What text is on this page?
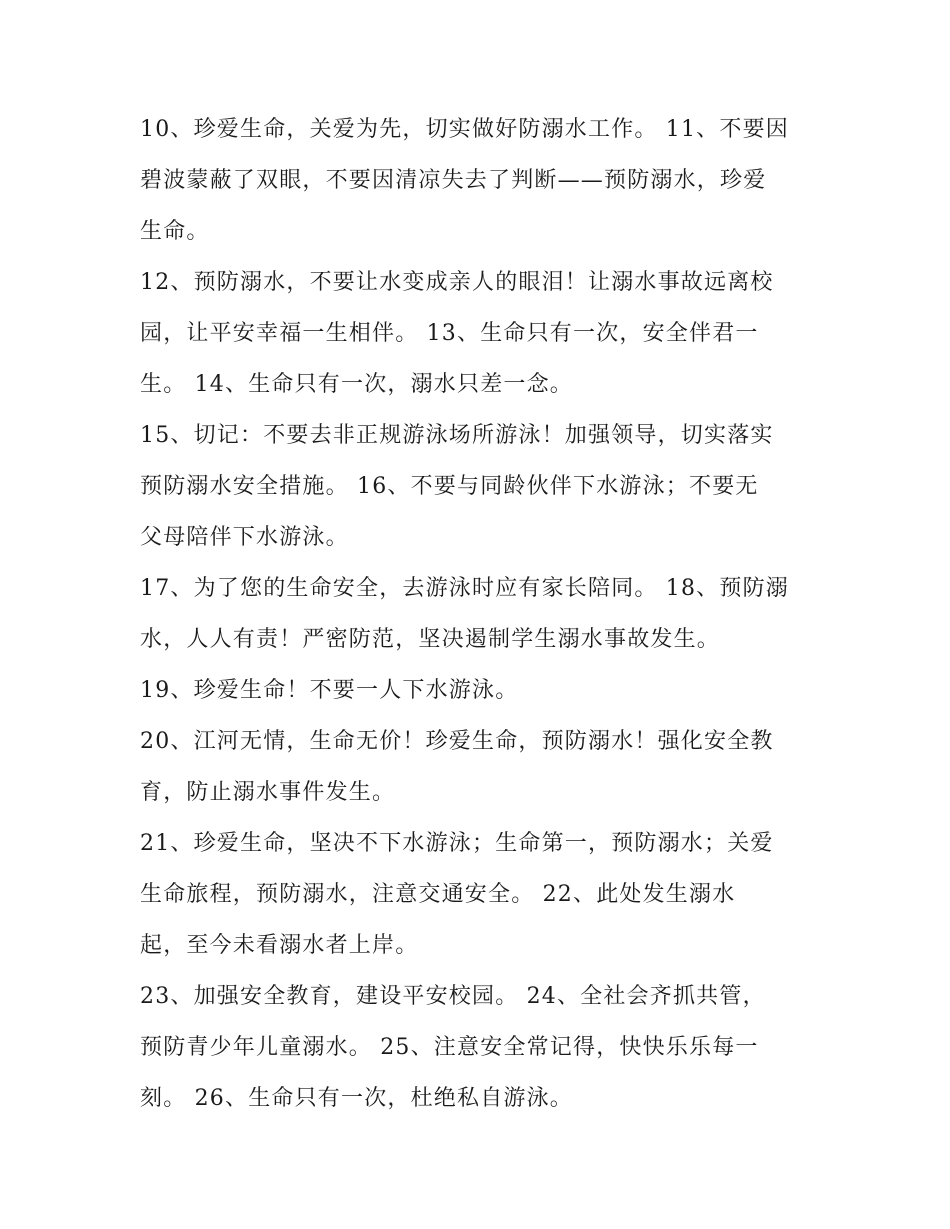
10、珍爱生命，关爱为先，切实做好防溺水工作。 11、不要因
碧波蒙蔽了双眼，不要因清凉失去了判断——预防溺水，珍爱
生命。

12、预防溺水，不要让水变成亲人的眼泪！让溺水事故远离校
园，让平安幸福一生相伴。 13、生命只有一次，安全伴君一
生。 14、生命只有一次，溺水只差一念。

15、切记：不要去非正规游泳场所游泳！加强领导，切实落实
预防溺水安全措施。 16、不要与同龄伙伴下水游泳；不要无
父母陪伴下水游泳。

17、为了您的生命安全，去游泳时应有家长陪同。 18、预防溺
水，人人有责！严密防范，坚决遏制学生溺水事故发生。

19、珍爱生命！不要一人下水游泳。

20、江河无情，生命无价！珍爱生命，预防溺水！强化安全教
育，防止溺水事件发生。

21、珍爱生命，坚决不下水游泳；生命第一，预防溺水；关爱
生命旅程，预防溺水，注意交通安全。 22、此处发生溺水
起，至今未看溺水者上岸。

23、加强安全教育，建设平安校园。 24、全社会齐抓共管，
预防青少年儿童溺水。 25、注意安全常记得，快快乐乐每一
刻。 26、生命只有一次，杜绝私自游泳。
